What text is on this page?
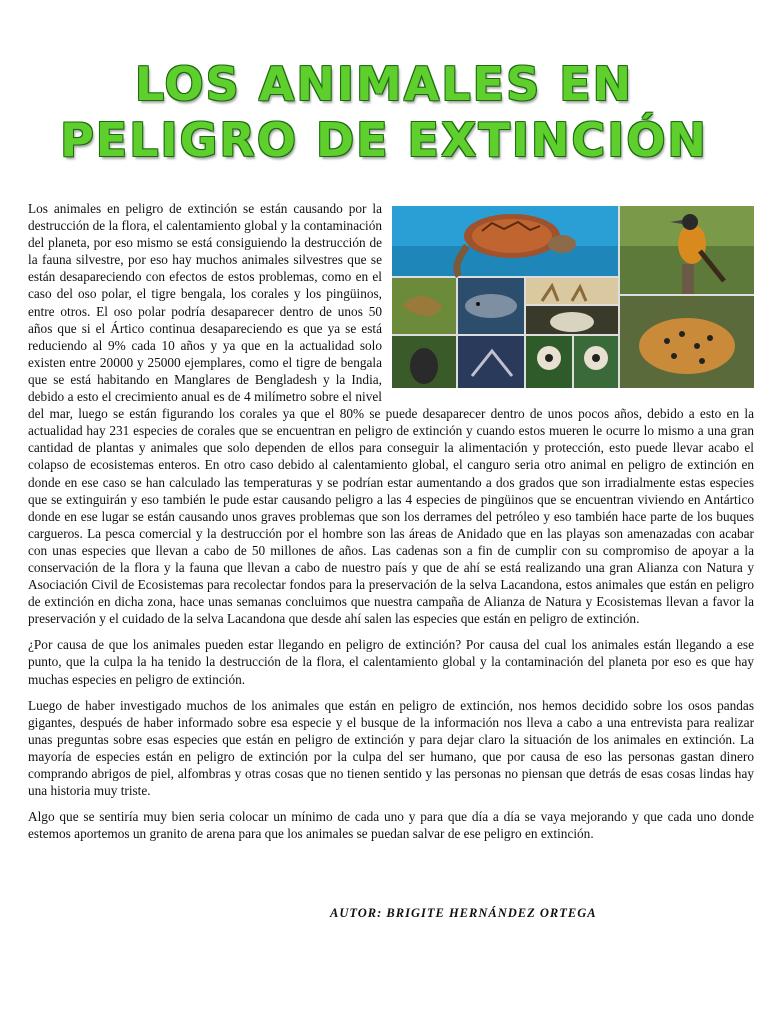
LOS ANIMALES EN
PELIGRO DE EXTINCIÓN

Los animales en peligro de extinción se están causando por la destrucción de la flora, el calentamiento global y la contaminación del planeta, por eso mismo se está consiguiendo la destrucción de la fauna silvestre, por eso hay muchos animales silvestres que se están desapareciendo con efectos de estos problemas, como en el caso del oso polar, el tigre bengala, los corales y los pingüinos, entre otros. El oso polar podría desaparecer dentro de unos 50 años que si el Ártico continua desapareciendo es que ya se está reduciendo al 9% cada 10 años y ya que en la actualidad solo existen entre 20000 y 25000 ejemplares, como el tigre de bengala que se está habitando en Manglares de Bengladesh y la India, debido a esto el crecimiento anual es de 4 milímetro sobre el nivel del mar, luego se están figurando los corales ya que el 80% se puede desaparecer dentro de unos pocos años, debido a esto en la actualidad hay 231 especies de corales que se encuentran en peligro de extinción y cuando estos mueren le ocurre lo mismo a una gran cantidad de plantas y animales que solo dependen de ellos para conseguir la alimentación y protección, esto puede llevar acabo el colapso de ecosistemas enteros. En otro caso debido al calentamiento global, el canguro seria otro animal en peligro de extinción en donde en ese caso se han calculado las temperaturas y se podrían estar aumentando a dos grados que son irradialmente estas especies que se extinguirán y eso también le pude estar causando peligro a las 4 especies de pingüinos que se encuentran viviendo en Antártico donde en ese lugar se están causando unos graves problemas que son los derrames del petróleo y eso también hace parte de los buques cargueros. La pesca comercial y la destrucción por el hombre son las áreas de Anidado que en las playas son amenazadas con acabar con unas especies que llevan a cabo de 50 millones de años. Las cadenas son a fin de cumplir con su compromiso de apoyar a la conservación de la flora y la fauna que llevan a cabo de nuestro país y que de ahí se está realizando una gran Alianza con Natura y Asociación Civil de Ecosistemas para recolectar fondos para la preservación de la selva Lacandona, estos animales que están en peligro de extinción en dicha zona, hace unas semanas concluimos que nuestra campaña de Alianza de Natura y Ecosistemas llevan a favor la preservación y el cuidado de la selva Lacandona que desde ahí salen las especies que están en peligro de extinción.

¿Por causa de que los animales pueden estar llegando en peligro de extinción? Por causa del cual los animales están llegando a ese punto, que la culpa la ha tenido la destrucción de la flora, el calentamiento global y la contaminación del planeta por eso es que hay muchas especies en peligro de extinción.

Luego de haber investigado muchos de los animales que están en peligro de extinción, nos hemos decidido sobre los osos pandas gigantes, después de haber informado sobre esa especie y el busque de la información nos lleva a cabo a una entrevista para realizar unas preguntas sobre esas especies que están en peligro de extinción y para dejar claro la situación de los animales en extinción. La mayoría de especies están en peligro de extinción por la culpa del ser humano, que por causa de eso las personas gastan dinero comprando abrigos de piel, alfombras y otras cosas que no tienen sentido y las personas no piensan que detrás de esas cosas lindas hay una historia muy triste.

Algo que se sentiría muy bien seria colocar un mínimo de cada uno y para que día a día se vaya mejorando y que cada uno donde estemos aportemos un granito de arena para que los animales se puedan salvar de ese peligro en extinción.

AUTOR: BRIGITE HERNÁNDEZ ORTEGA
